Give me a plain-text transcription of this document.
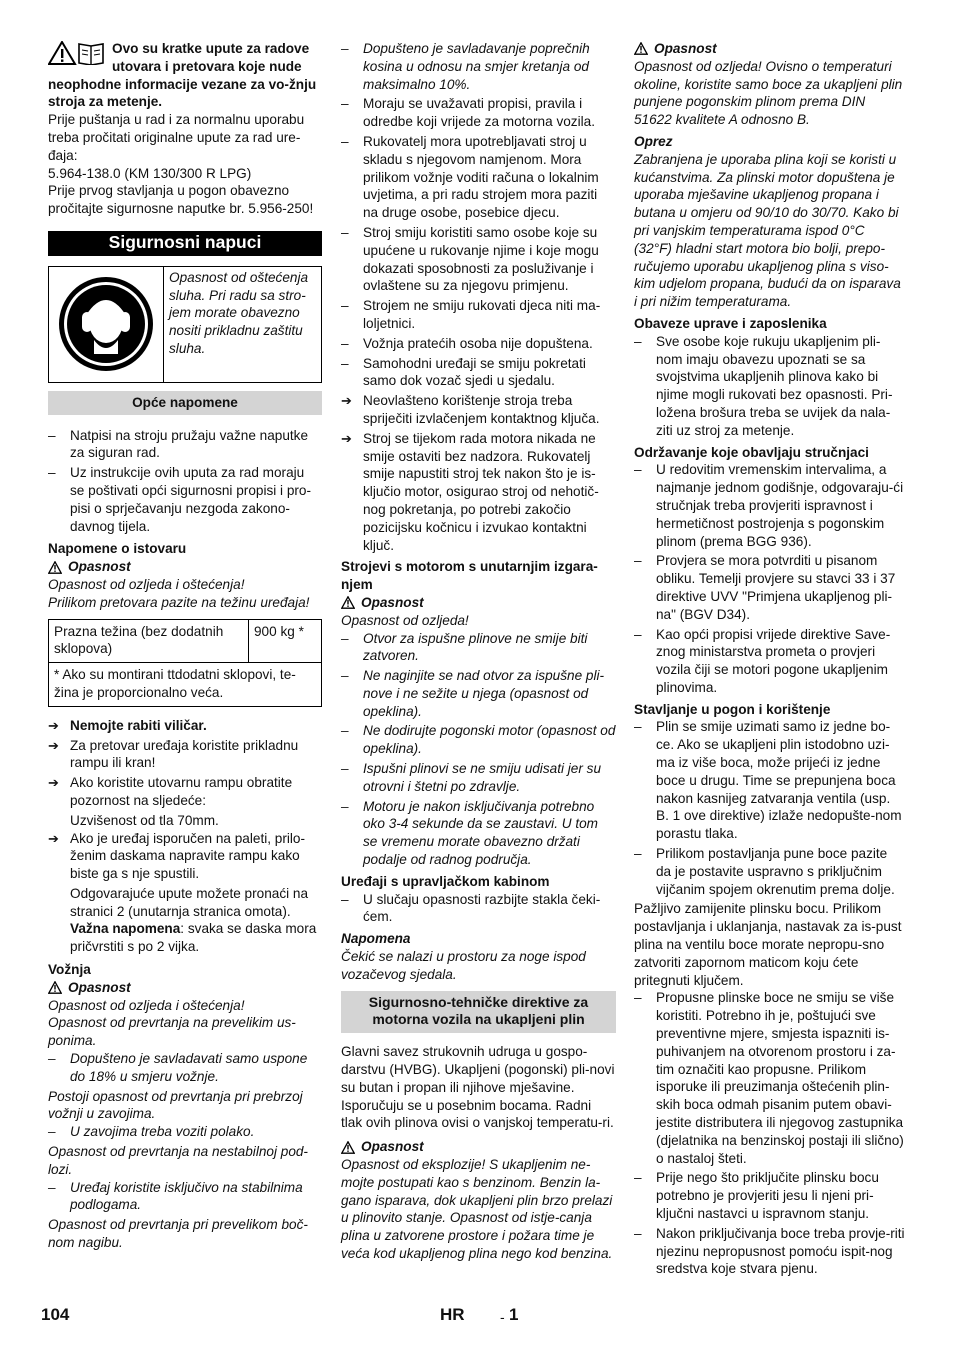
Ovo su kratke upute za radove utovara i pretovara koje nude neophodne informacije vezane za vo-žnju stroja za metenje.

Prije puštanja u rad i za normalnu uporabu treba pročitati originalne upute za rad ure-đaja:

5.964-138.0 (KM 130/300 R LPG)

Prije prvog stavljanja u pogon obavezno pročitajte sigurnosne naputke br. 5.956-250!

Sigurnosni napuci
Opasnost od oštećenja sluha. Pri radu sa stro-jem morate obavezno nositi prikladnu zaštitu sluha.
Opće napomene
–	Natpisi na stroju pružaju važne naputke za siguran rad.
–	Uz instrukcije ovih uputa za rad moraju se poštivati opći sigurnosni propisi i pro-pisi o sprječavanju nezgoda zakono-davnog tijela.

Napomene o istovaru

Opasnost

Opasnost od ozljeda i oštećenja!

Prilikom pretovara pazite na težinu uređaja!

Prazna težina (bez dodatnih sklopova)	900 kg *
* Ako su montirani ttdodatni sklopovi, te-žina je proporcionalno veća.
➔ Nemojte rabiti viličar.
➔ Za pretovar uređaja koristite prikladnu rampu ili kran!
➔ Ako koristite utovarnu rampu obratite pozornost na sljedeće:

Uzvišenost od tla 70mm.

➔ Ako je uređaj isporučen na paleti, prilo-ženim daskama napravite rampu kako biste ga s nje spustili.

Odgovarajuće upute možete pronaći na stranici 2 (unutarnja stranica omota).

Važna napomena: svaka se daska mora pričvrstiti s po 2 vijka.

Vožnja

Opasnost

Opasnost od ozljeda i oštećenja!

Opasnost od prevrtanja na prevelikim us-ponima.

–	Dopušteno je savladavati samo uspone do 18% u smjeru vožnje.

Postoji opasnost od prevrtanja pri prebrzoj vožnji u zavojima.

–	U zavojima treba voziti polako.

Opasnost od prevrtanja na nestabilnoj pod-lozi.

–	Uređaj koristite isključivo na stabilnima podlogama.

Opasnost od prevrtanja pri prevelikom boč-nom nagibu.

–	Dopušteno je savladavanje poprečnih kosina u odnosu na smjer kretanja od maksimalno 10%.
–	Moraju se uvažavati propisi, pravila i odredbe koji vrijede za motorna vozila.
–	Rukovatelj mora upotrebljavati stroj u skladu s njegovom namjenom. Mora prilikom vožnje voditi računa o lokalnim uvjetima, a pri radu strojem mora paziti na druge osobe, posebice djecu.
–	Stroj smiju koristiti samo osobe koje su upućene u rukovanje njime i koje mogu dokazati sposobnosti za posluživanje i ovlaštene su za njegovu primjenu.
–	Strojem ne smiju rukovati djeca niti ma-loljetnici.
–	Vožnja pratećih osoba nije dopuštena.
–	Samohodni uređaji se smiju pokretati samo dok vozač sjedi u sjedalu.
➔ Neovlašteno korištenje stroja treba spriječiti izvlačenjem kontaktnog ključa.
➔ Stroj se tijekom rada motora nikada ne smije ostaviti bez nadzora. Rukovatelj smije napustiti stroj tek nakon što je is-ključio motor, osigurao stroj od nehotič-nog pokretanja, po potrebi zakočio pozicijsku kočnicu i izvukao kontaktni ključ.

Strojevi s motorom s unutarnjim izgara-njem

Opasnost

Opasnost od ozljeda!

–	Otvor za ispušne plinove ne smije biti zatvoren.
–	Ne naginjite se nad otvor za ispušne pli-nove i ne sežite u njega (opasnost od opeklina).
–	Ne dodirujte pogonski motor (opasnost od opeklina).
–	Ispušni plinovi se ne smiju udisati jer su otrovni i štetni po zdravlje.
–	Motoru je nakon isključivanja potrebno oko 3-4 sekunde da se zaustavi. U tom se vremenu morate obavezno držati podalje od radnog područja.

Uređaji s upravljačkom kabinom

–	U slučaju opasnosti razbijte stakla čeki-ćem.

Napomena

Čekić se nalazi u prostoru za noge ispod vozačevog sjedala.

Sigurnosno-tehničke direktive za motorna vozila na ukapljeni plin

Glavni savez strukovnih udruga u gospo-darstvu (HVBG). Ukapljeni (pogonski) pli-novi su butan i propan ili njihove mješavine. Isporučuju se u posebnim bocama. Radni tlak ovih plinova ovisi o vanjskoj temperatu-ri.

Opasnost

Opasnost od eksplozije! S ukapljenim ne-mojte postupati kao s benzinom. Benzin la-gano isparava, dok ukapljeni plin brzo prelazi u plinovito stanje. Opasnost od istje-canja plina u zatvorene prostore i požara time je veća kod ukapljenog plina nego kod benzina.

Opasnost

Opasnost od ozljeda! Ovisno o temperaturi okoline, koristite samo boce za ukapljeni plin punjene pogonskim plinom prema DIN 51622 kvalitete A odnosno B.

Oprez

Zabranjena je uporaba plina koji se koristi u kućanstvima. Za plinski motor dopuštena je uporaba mješavine ukapljenog propana i butana u omjeru od 90/10 do 30/70. Kako bi pri vanjskim temperaturama ispod 0°C (32°F) hladni start motora bio bolji, prepo-ručujemo uporabu ukapljenog plina s viso-kim udjelom propana, budući da on isparava i pri nižim temperaturama.

Obaveze uprave i zaposlenika

–	Sve osobe koje rukuju ukapljenim pli-nom imaju obavezu upoznati se sa svojstvima ukapljenih plinova kako bi njime mogli rukovati bez opasnosti. Pri-ložena brošura treba se uvijek da nala-ziti uz stroj za metenje.

Održavanje koje obavljaju stručnjaci

–	U redovitim vremenskim intervalima, a najmanje jednom godišnje, odgovaraju-ći stručnjak treba provjeriti ispravnost i hermetičnost postrojenja s pogonskim plinom (prema BGG 936).
–	Provjera se mora potvrditi u pisanom obliku. Temelji provjere su stavci 33 i 37 direktive UVV "Primjena ukapljenog pli-na" (BGV D34).
–	Kao opći propisi vrijede direktive Save-znog ministarstva prometa o provjeri vozila čiji se motori pogone ukapljenim plinovima.

Stavljanje u pogon i korištenje

–	Plin se smije uzimati samo iz jedne bo-ce. Ako se ukapljeni plin istodobno uzi-ma iz više boca, može prijeći iz jedne boce u drugu. Time se prepunjena boca nakon kasnijeg zatvaranja ventila (usp. B. 1 ove direktive) izlaže nedopušte-nom porastu tlaka.
–	Prilikom postavljanja pune boce pazite da je postavite uspravno s priključnim vijčanim spojem okrenutim prema dolje.

Pažljivo zamijenite plinsku bocu. Prilikom postavljanja i uklanjanja, nastavak za is-pust plina na ventilu boce morate nepropu-sno zatvoriti zapornom maticom koju ćete pritegnuti ključem.

–	Propusne plinske boce ne smiju se više koristiti. Potrebno ih je, poštujući sve preventivne mjere, smjesta ispazniti is-puhivanjem na otvorenom prostoru i za-tim označiti kao propusne. Prilikom isporuke ili preuzimanja oštećenih plin-skih boca odmah pisanim putem obavi-jestite distributera ili njegovog zastupnika (djelatnika na benzinskoj postaji ili slično) o nastaloj šteti.
–	Prije nego što priključite plinsku bocu potrebno je provjeriti jesu li njeni pri-ključni nastavci u ispravnom stanju.
–	Nakon priključivanja boce treba provje-riti njezinu nepropusnost pomoću ispit-nog sredstva koje stvara pjenu.
104	HR	- 1
